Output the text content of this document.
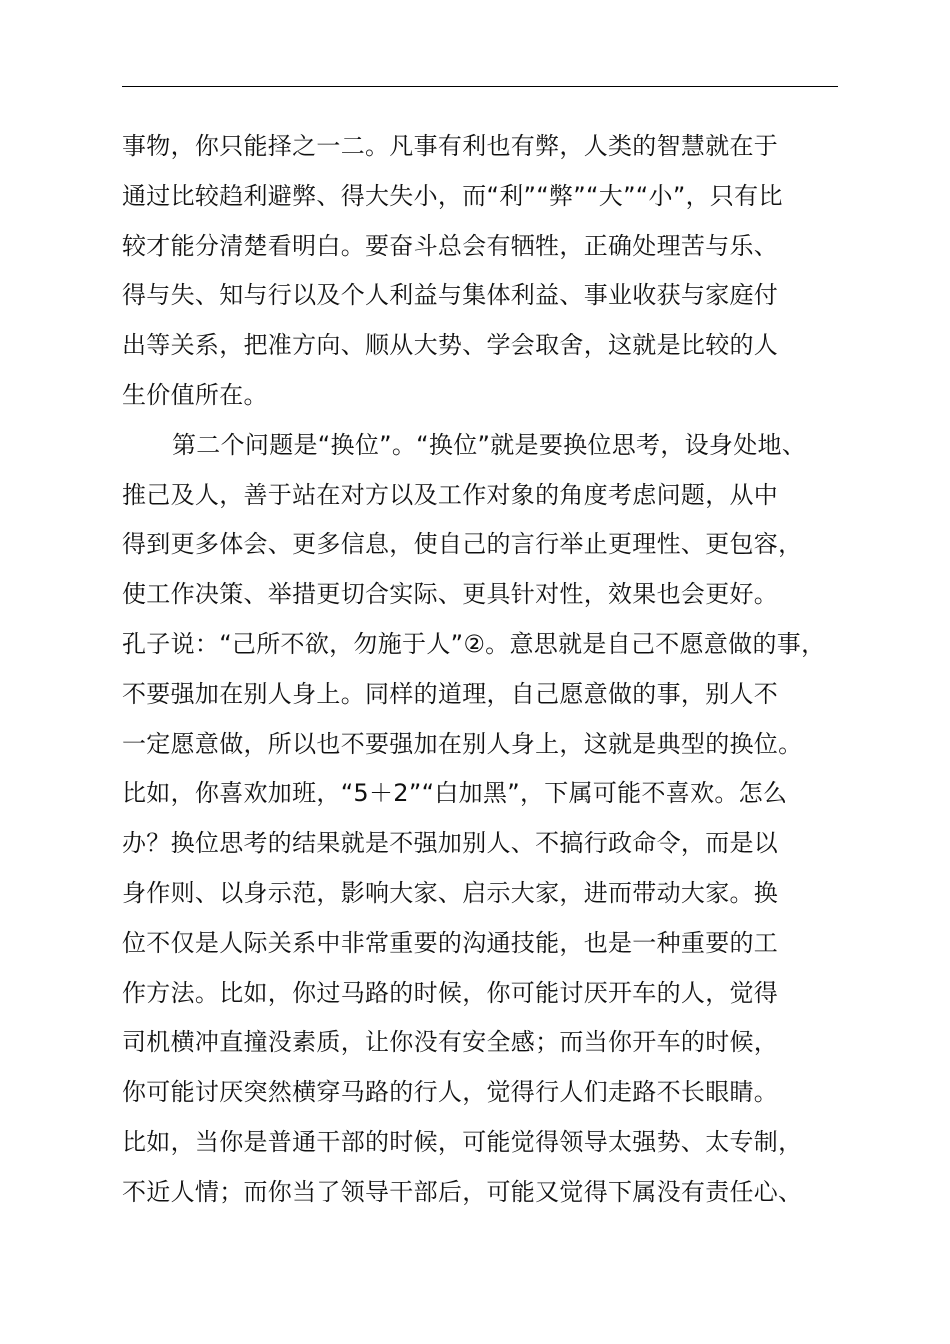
事物，你只能择之一二。凡事有利也有弊，人类的智慧就在于
通过比较趋利避弊、得大失小，而“利”“弊”“大”“小”，只有比
较才能分清楚看明白。要奋斗总会有牺牲，正确处理苦与乐、
得与失、知与行以及个人利益与集体利益、事业收获与家庭付
出等关系，把准方向、顺从大势、学会取舍，这就是比较的人
生价值所在。
第二个问题是“换位”。“换位”就是要换位思考，设身处地、
推己及人，善于站在对方以及工作对象的角度考虑问题，从中
得到更多体会、更多信息，使自己的言行举止更理性、更包容，
使工作决策、举措更切合实际、更具针对性，效果也会更好。
孔子说：“己所不欲，勿施于人”②。意思就是自己不愿意做的事，
不要强加在别人身上。同样的道理，自己愿意做的事，别人不
一定愿意做，所以也不要强加在别人身上，这就是典型的换位。
比如，你喜欢加班，“5＋2”“白加黑”，下属可能不喜欢。怎么
办？换位思考的结果就是不强加别人、不搞行政命令，而是以
身作则、以身示范，影响大家、启示大家，进而带动大家。换
位不仅是人际关系中非常重要的沟通技能，也是一种重要的工
作方法。比如，你过马路的时候，你可能讨厌开车的人，觉得
司机横冲直撞没素质，让你没有安全感；而当你开车的时候，
你可能讨厌突然横穿马路的行人，觉得行人们走路不长眼睛。
比如，当你是普通干部的时候，可能觉得领导太强势、太专制，
不近人情；而你当了领导干部后，可能又觉得下属没有责任心、
